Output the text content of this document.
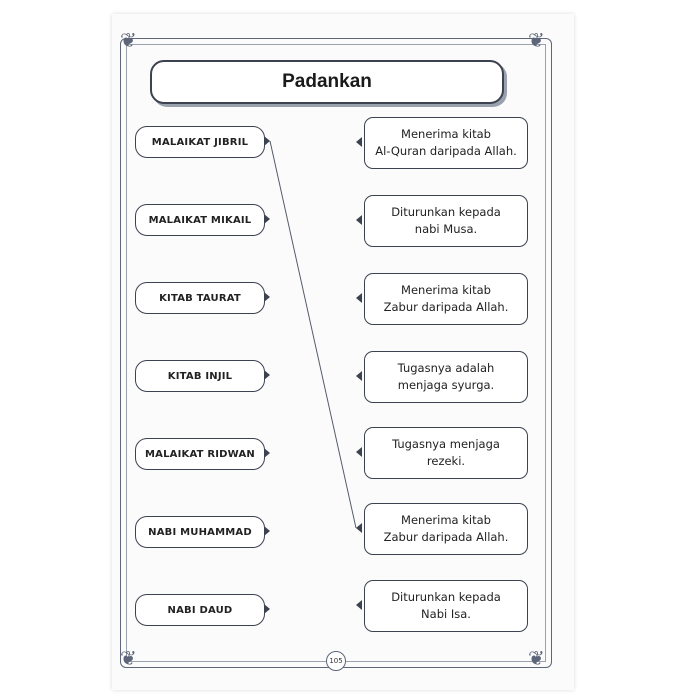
❦	❦
❦	❦
Padankan
MALAIKAT JIBRIL
MALAIKAT MIKAIL
KITAB TAURAT
KITAB INJIL
MALAIKAT RIDWAN
NABI MUHAMMAD
NABI DAUD
Menerima kitab
Al-Quran daripada Allah.
Diturunkan kepada
nabi Musa.
Menerima kitab
Zabur daripada Allah.
Tugasnya adalah
menjaga syurga.
Tugasnya menjaga
rezeki.
Menerima kitab
Zabur daripada Allah.
Diturunkan kepada
Nabi Isa.
105
